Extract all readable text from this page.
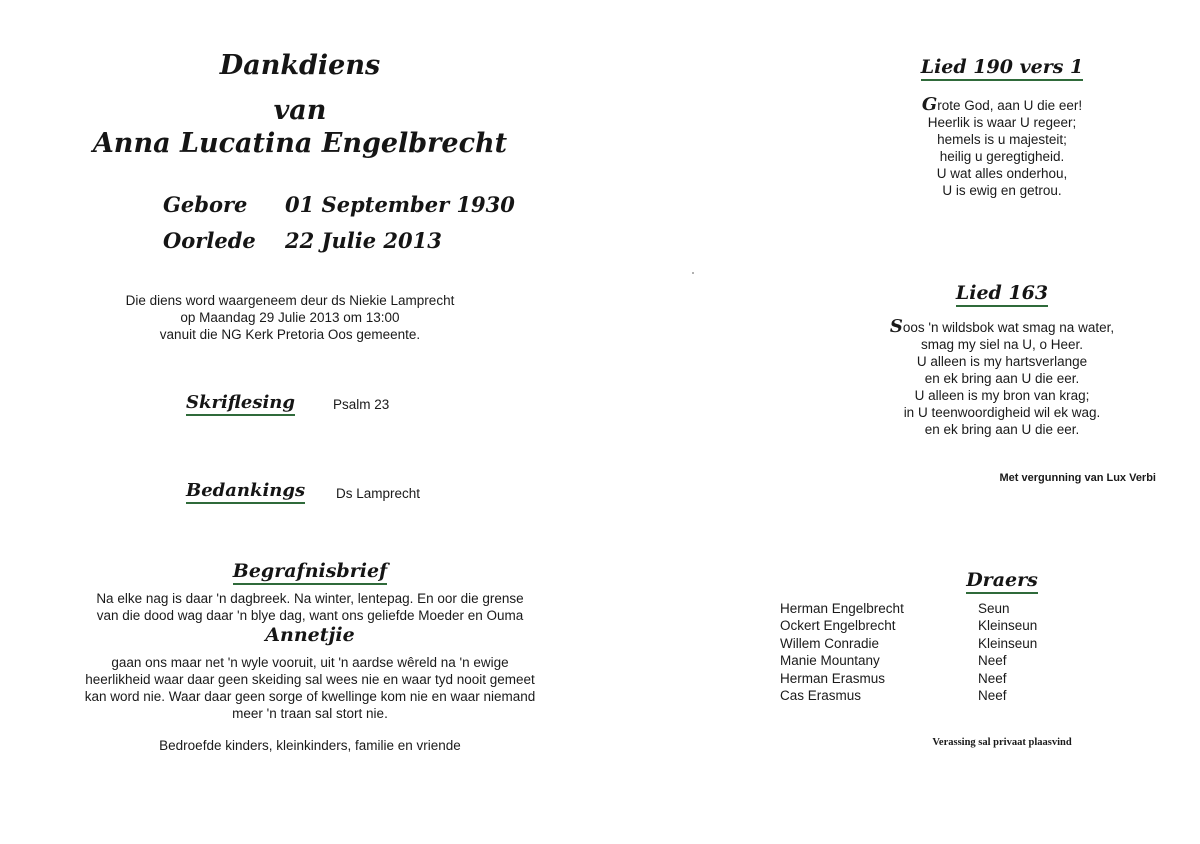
Dankdiens
van
Anna Lucatina Engelbrecht
Gebore 01 September 1930
Oorlede 22 Julie 2013
Die diens word waargeneem deur ds Niekie Lamprecht
op Maandag 29 Julie 2013 om 13:00
vanuit die NG Kerk Pretoria Oos gemeente.
Skriflesing	Psalm 23
Bedankings Ds Lamprecht
Begrafnisbrief
Na elke nag is daar 'n dagbreek. Na winter, lentepag. En oor die grense
van die dood wag daar 'n blye dag, want ons geliefde Moeder en Ouma
Annetjie
gaan ons maar net 'n wyle vooruit, uit 'n aardse wêreld na 'n ewige
heerlikheid waar daar geen skeiding sal wees nie en waar tyd nooit gemeet
kan word nie. Waar daar geen sorge of kwellinge kom nie en waar niemand
meer 'n traan sal stort nie.
Bedroefde kinders, kleinkinders, familie en vriende
Lied 190 vers 1
Grote God, aan U die eer!
Heerlik is waar U regeer;
hemels is u majesteit;
heilig u geregtigheid.
U wat alles onderhou,
U is ewig en getrou.
Lied 163
Soos 'n wildsbok wat smag na water,
smag my siel na U, o Heer.
U alleen is my hartsverlange
en ek bring aan U die eer.
U alleen is my bron van krag;
in U teenwoordigheid wil ek wag.
en ek bring aan U die eer.
Met vergunning van Lux Verbi
Draers
Herman Engelbrecht	Seun
Ockert Engelbrecht	Kleinseun
Willem Conradie	Kleinseun
Manie Mountany	Neef
Herman Erasmus	Neef
Cas Erasmus	Neef
Verassing sal privaat plaasvind
